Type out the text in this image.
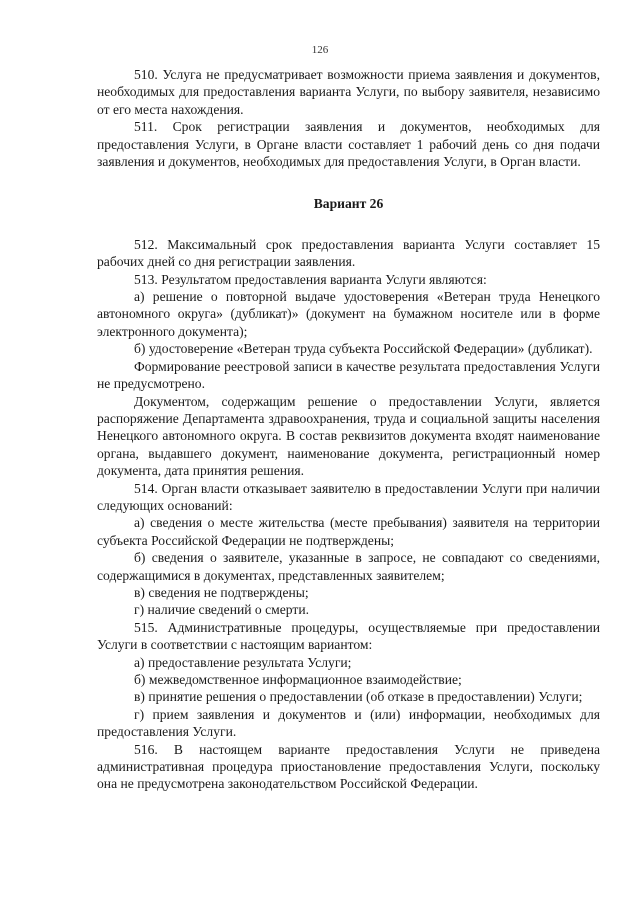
126

510. Услуга не предусматривает возможности приема заявления и документов, необходимых для предоставления варианта Услуги, по выбору заявителя, независимо от его места нахождения.

511. Срок регистрации заявления и документов, необходимых для предоставления Услуги, в Органе власти составляет 1 рабочий день со дня подачи заявления и документов, необходимых для предоставления Услуги, в Орган власти.

Вариант 26

512. Максимальный срок предоставления варианта Услуги составляет 15 рабочих дней со дня регистрации заявления.

513. Результатом предоставления варианта Услуги являются:

а) решение о повторной выдаче удостоверения «Ветеран труда Ненецкого автономного округа» (дубликат)» (документ на бумажном носителе или в форме электронного документа);

б) удостоверение «Ветеран труда субъекта Российской Федерации» (дубликат).

Формирование реестровой записи в качестве результата предоставления Услуги не предусмотрено.

Документом, содержащим решение о предоставлении Услуги, является распоряжение Департамента здравоохранения, труда и социальной защиты населения Ненецкого автономного округа. В состав реквизитов документа входят наименование органа, выдавшего документ, наименование документа, регистрационный номер документа, дата принятия решения.

514. Орган власти отказывает заявителю в предоставлении Услуги при наличии следующих оснований:

а) сведения о месте жительства (месте пребывания) заявителя на территории субъекта Российской Федерации не подтверждены;

б) сведения о заявителе, указанные в запросе, не совпадают со сведениями, содержащимися в документах, представленных заявителем;

в) сведения не подтверждены;

г) наличие сведений о смерти.

515. Административные процедуры, осуществляемые при предоставлении Услуги в соответствии с настоящим вариантом:

а) предоставление результата Услуги;

б) межведомственное информационное взаимодействие;

в) принятие решения о предоставлении (об отказе в предоставлении) Услуги;

г) прием заявления и документов и (или) информации, необходимых для предоставления Услуги.

516. В настоящем варианте предоставления Услуги не приведена административная процедура приостановление предоставления Услуги, поскольку она не предусмотрена законодательством Российской Федерации.
